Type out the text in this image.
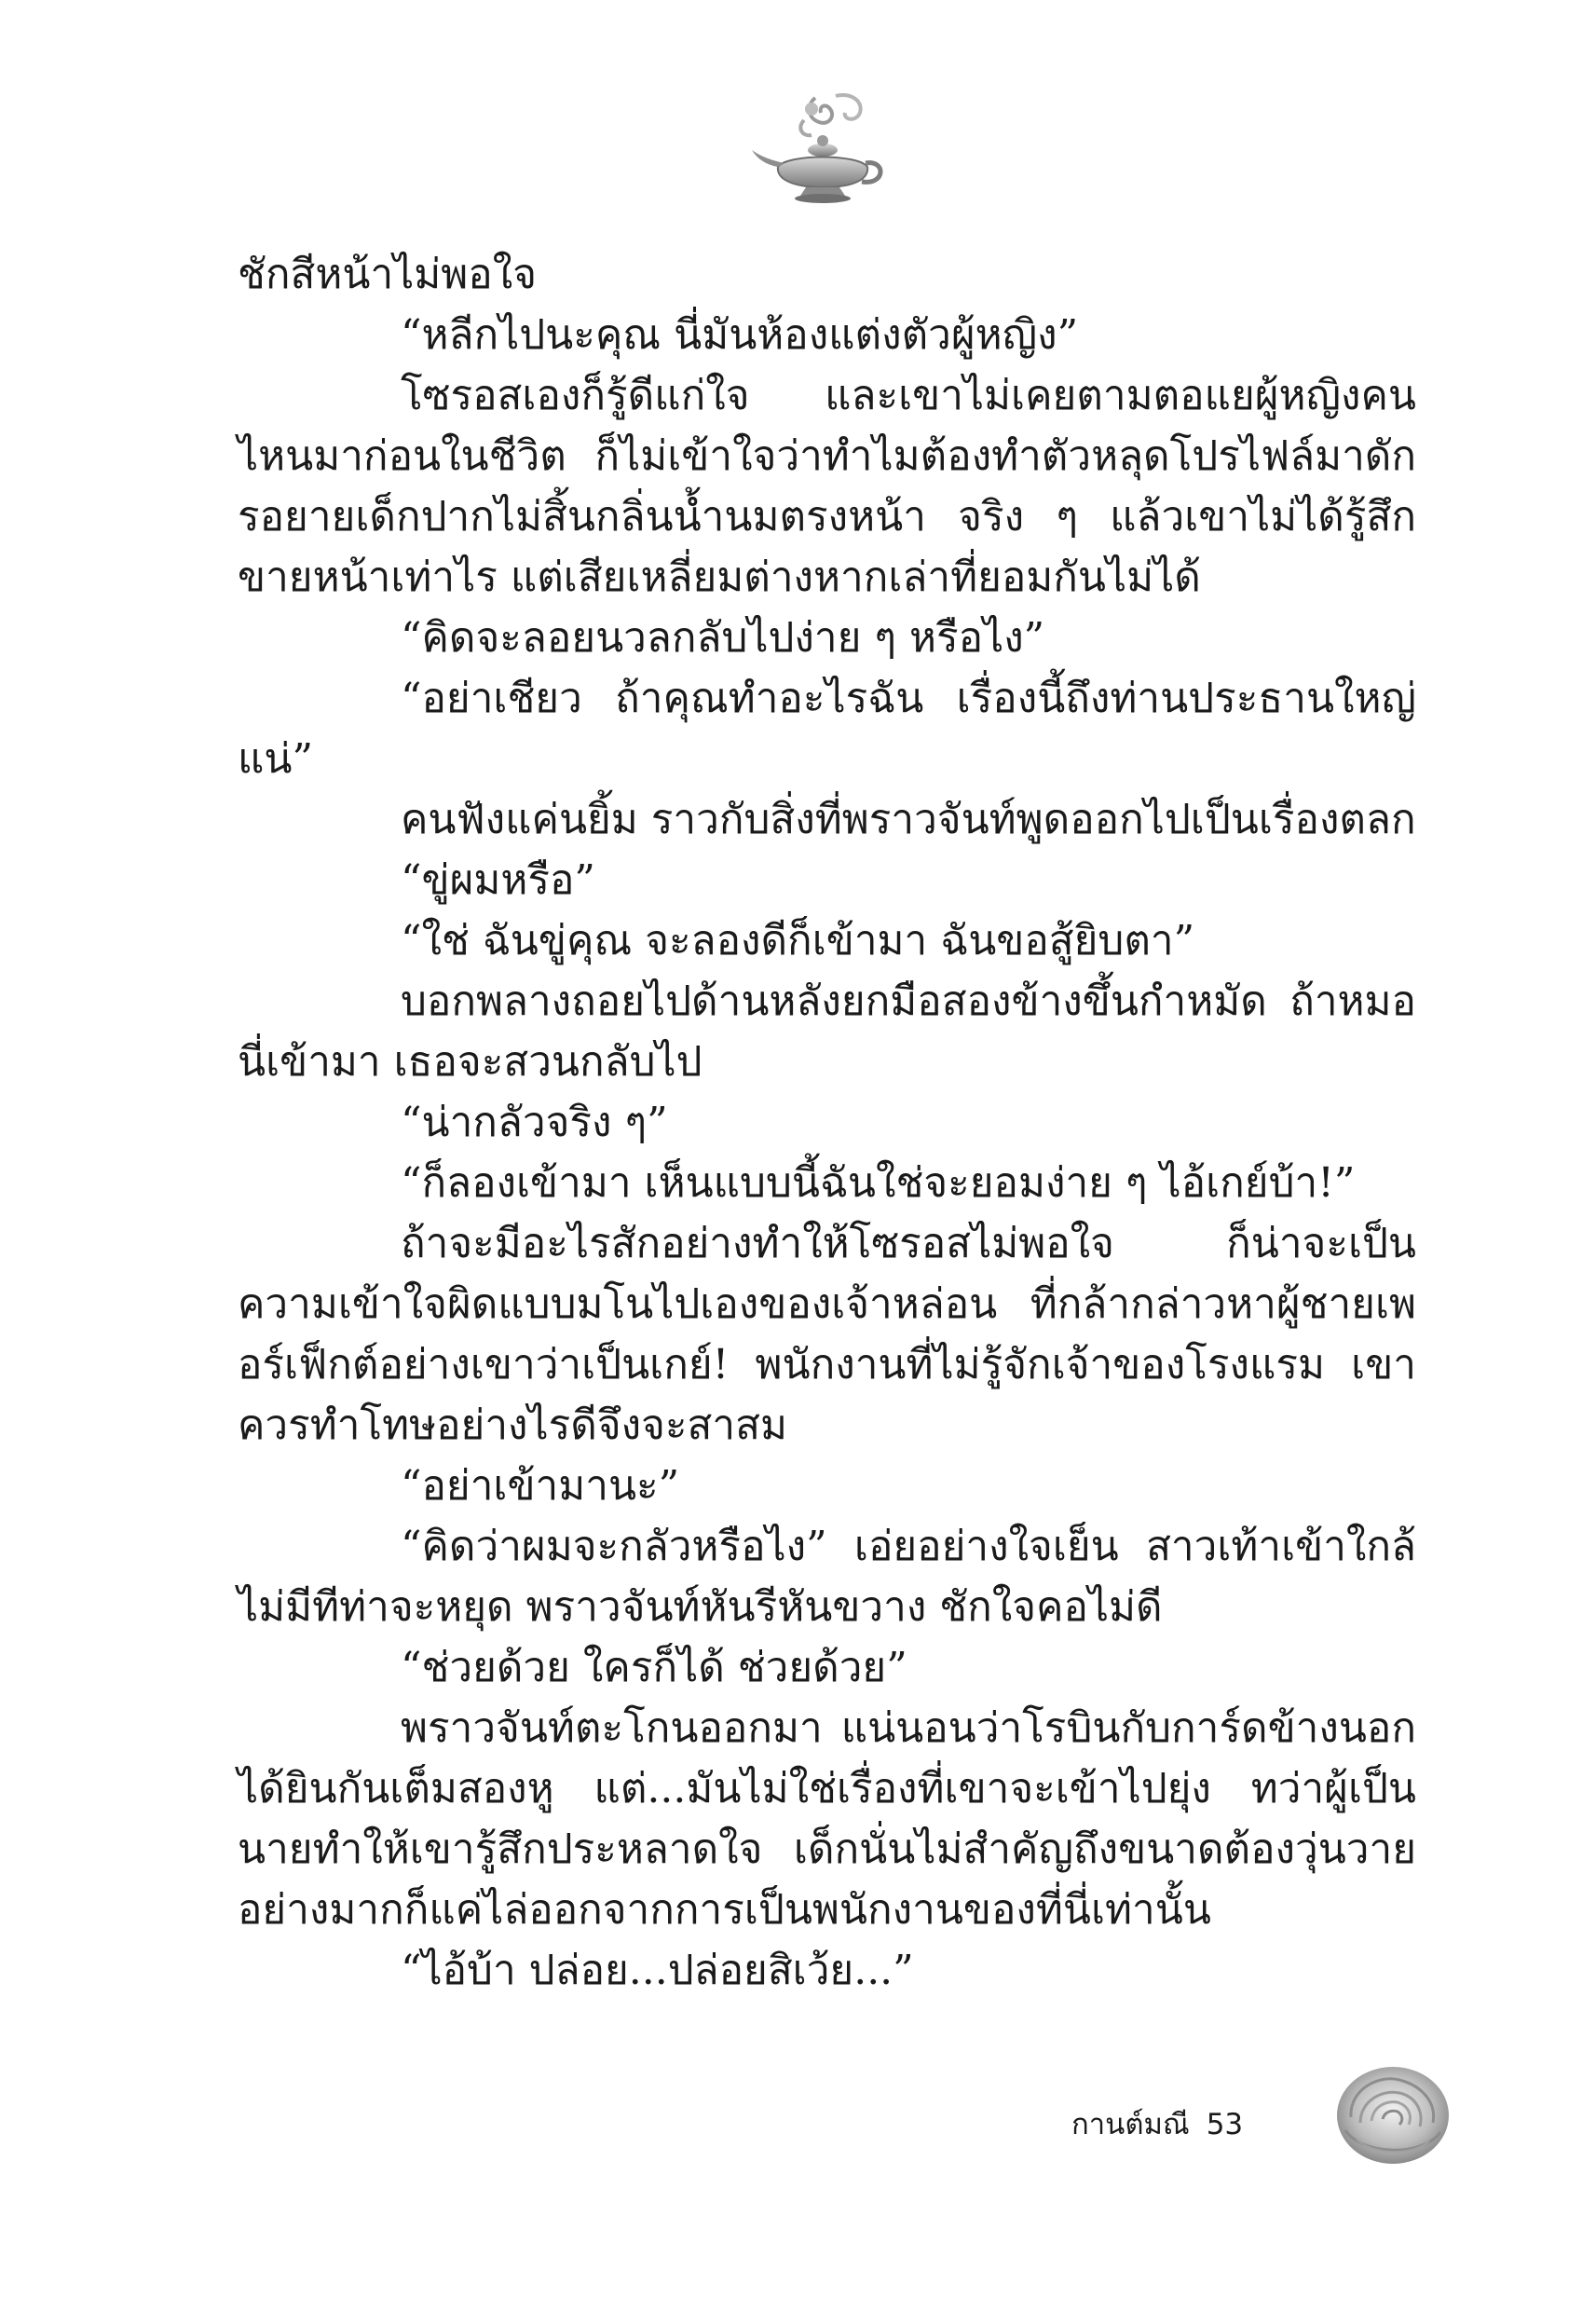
ชักสีหน้าไม่พอใจ

“หลีกไปนะคุณ นี่มันห้องแต่งตัวผู้หญิง”

โซรอสเองก็รู้ดีแก่ใจ และเขาไม่เคยตามตอแยผู้หญิงคนไหนมาก่อนในชีวิต ก็ไม่เข้าใจว่าทำไมต้องทำตัวหลุดโปรไฟล์มาดักรอยายเด็กปากไม่สิ้นกลิ่นน้ำนมตรงหน้า จริง ๆ แล้วเขาไม่ได้รู้สึกขายหน้าเท่าไร แต่เสียเหลี่ยมต่างหากเล่าที่ยอมกันไม่ได้

“คิดจะลอยนวลกลับไปง่าย ๆ หรือไง”

“อย่าเชียว ถ้าคุณทำอะไรฉัน เรื่องนี้ถึงท่านประธานใหญ่แน่”

คนฟังแค่นยิ้ม ราวกับสิ่งที่พราวจันท์พูดออกไปเป็นเรื่องตลก

“ขู่ผมหรือ”

“ใช่ ฉันขู่คุณ จะลองดีก็เข้ามา ฉันขอสู้ยิบตา”

บอกพลางถอยไปด้านหลังยกมือสองข้างขึ้นกำหมัด ถ้าหมอนี่เข้ามา เธอจะสวนกลับไป

“น่ากลัวจริง ๆ”

“ก็ลองเข้ามา เห็นแบบนี้ฉันใช่จะยอมง่าย ๆ ไอ้เกย์บ้า!”

ถ้าจะมีอะไรสักอย่างทำให้โซรอสไม่พอใจ ก็น่าจะเป็นความเข้าใจผิดแบบมโนไปเองของเจ้าหล่อน ที่กล้ากล่าวหาผู้ชายเพอร์เฟ็กต์อย่างเขาว่าเป็นเกย์! พนักงานที่ไม่รู้จักเจ้าของโรงแรม เขาควรทำโทษอย่างไรดีจึงจะสาสม

“อย่าเข้ามานะ”

“คิดว่าผมจะกลัวหรือไง” เอ่ยอย่างใจเย็น สาวเท้าเข้าใกล้ไม่มีทีท่าจะหยุด พราวจันท์หันรีหันขวาง ชักใจคอไม่ดี

“ช่วยด้วย ใครก็ได้ ช่วยด้วย”

พราวจันท์ตะโกนออกมา แน่นอนว่าโรบินกับการ์ดข้างนอกได้ยินกันเต็มสองหู แต่...มันไม่ใช่เรื่องที่เขาจะเข้าไปยุ่ง ทว่าผู้เป็นนายทำให้เขารู้สึกประหลาดใจ เด็กนั่นไม่สำคัญถึงขนาดต้องวุ่นวาย อย่างมากก็แค่ไล่ออกจากการเป็นพนักงานของที่นี่เท่านั้น

“ไอ้บ้า ปล่อย...ปล่อยสิเว้ย...”

กานต์มณี 53
